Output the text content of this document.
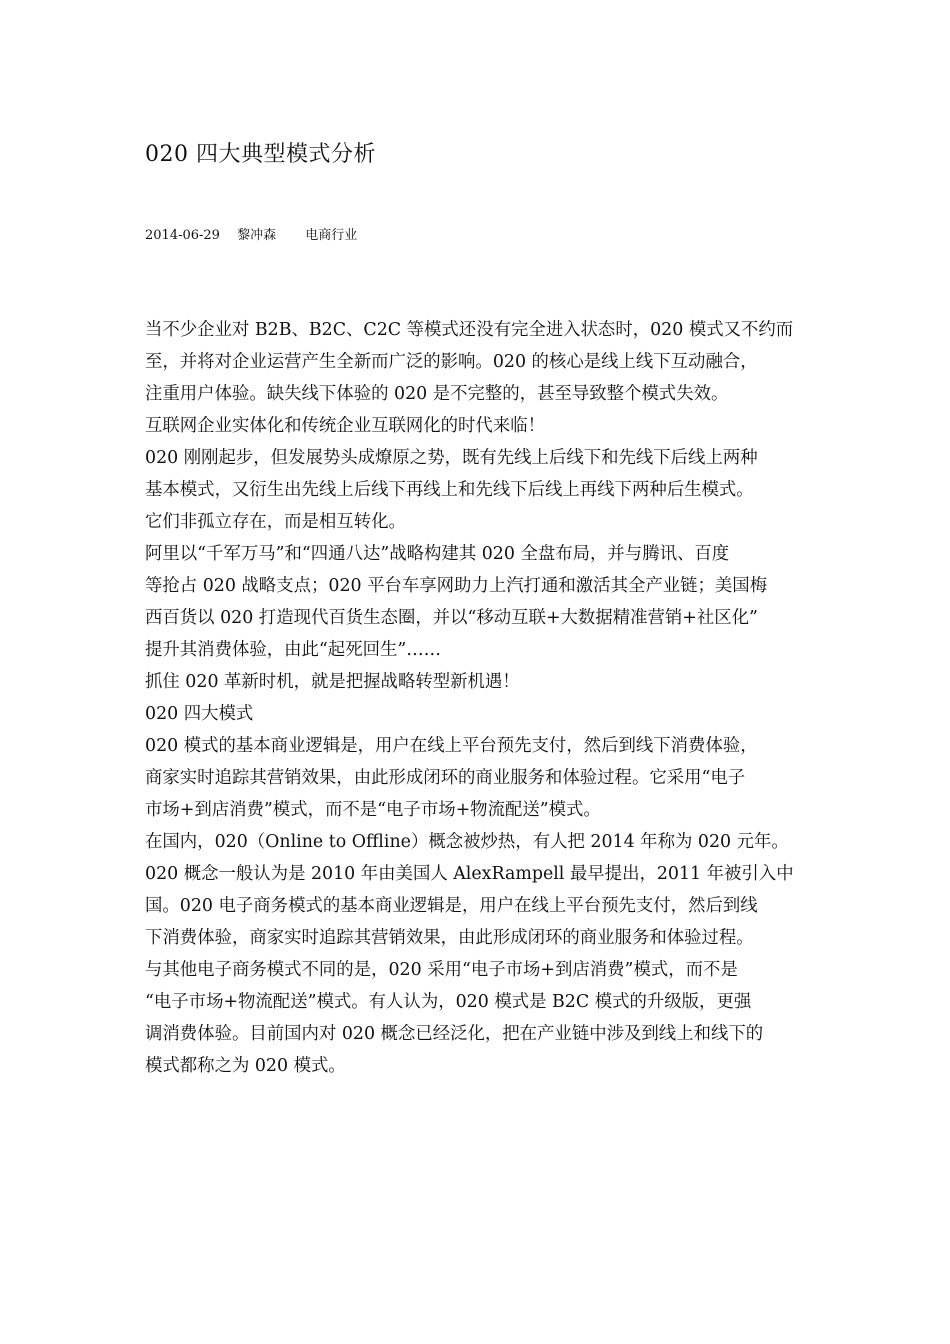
020 四大典型模式分析
2014-06-29 黎冲森 电商行业
当不少企业对 B2B、B2C、C2C 等模式还没有完全进入状态时，020 模式又不约而
至，并将对企业运营产生全新而广泛的影响。020 的核心是线上线下互动融合，
注重用户体验。缺失线下体验的 020 是不完整的，甚至导致整个模式失效。
互联网企业实体化和传统企业互联网化的时代来临！
020 刚刚起步，但发展势头成燎原之势，既有先线上后线下和先线下后线上两种
基本模式，又衍生出先线上后线下再线上和先线下后线上再线下两种后生模式。
它们非孤立存在，而是相互转化。
阿里以“千军万马”和“四通八达”战略构建其 020 全盘布局，并与腾讯、百度
等抢占 020 战略支点；020 平台车享网助力上汽打通和激活其全产业链；美国梅
西百货以 020 打造现代百货生态圈，并以“移动互联+大数据精准营销+社区化”
提升其消费体验，由此“起死回生”……
抓住 020 革新时机，就是把握战略转型新机遇！
020 四大模式
020 模式的基本商业逻辑是，用户在线上平台预先支付，然后到线下消费体验，
商家实时追踪其营销效果，由此形成闭环的商业服务和体验过程。它采用“电子
市场+到店消费”模式，而不是“电子市场+物流配送”模式。
在国内，020（Online to Offline）概念被炒热，有人把 2014 年称为 020 元年。
020 概念一般认为是 2010 年由美国人 AlexRampell 最早提出，2011 年被引入中
国。020 电子商务模式的基本商业逻辑是，用户在线上平台预先支付，然后到线
下消费体验，商家实时追踪其营销效果，由此形成闭环的商业服务和体验过程。
与其他电子商务模式不同的是，020 采用“电子市场+到店消费”模式，而不是
“电子市场+物流配送”模式。有人认为，020 模式是 B2C 模式的升级版，更强
调消费体验。目前国内对 020 概念已经泛化，把在产业链中涉及到线上和线下的
模式都称之为 020 模式。
